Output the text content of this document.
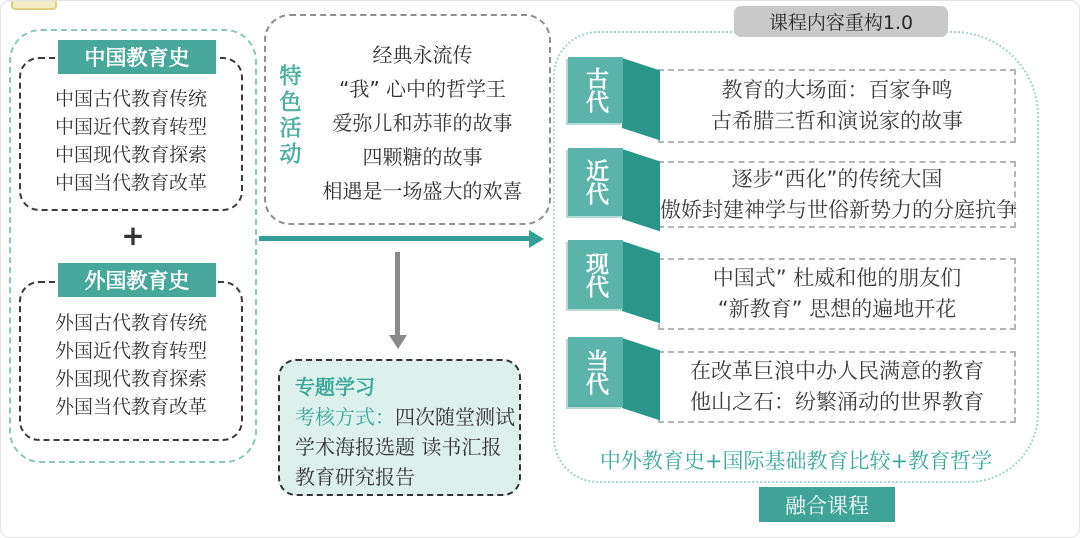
中国教育史
中国古代教育传统
中国近代教育转型
中国现代教育探索
中国当代教育改革
+
外国教育史
外国古代教育传统
外国近代教育转型
外国现代教育探索
外国当代教育改革
特色活动
经典永流传
“我” 心中的哲学王
爱弥儿和苏菲的故事
四颗糖的故事
相遇是一场盛大的欢喜
专题学习
考核方式：四次随堂测试
学术海报选题 读书汇报
教育研究报告
课程内容重构1.0
古代	教育的大场面：百家争鸣
古希腊三哲和演说家的故事
近代	逐步“西化”的传统大国
傲娇封建神学与世俗新势力的分庭抗争
现代	中国式” 杜威和他的朋友们
“新教育” 思想的遍地开花
当代	在改革巨浪中办人民满意的教育
他山之石：纷繁涌动的世界教育
中外教育史+国际基础教育比较+教育哲学
融合课程
